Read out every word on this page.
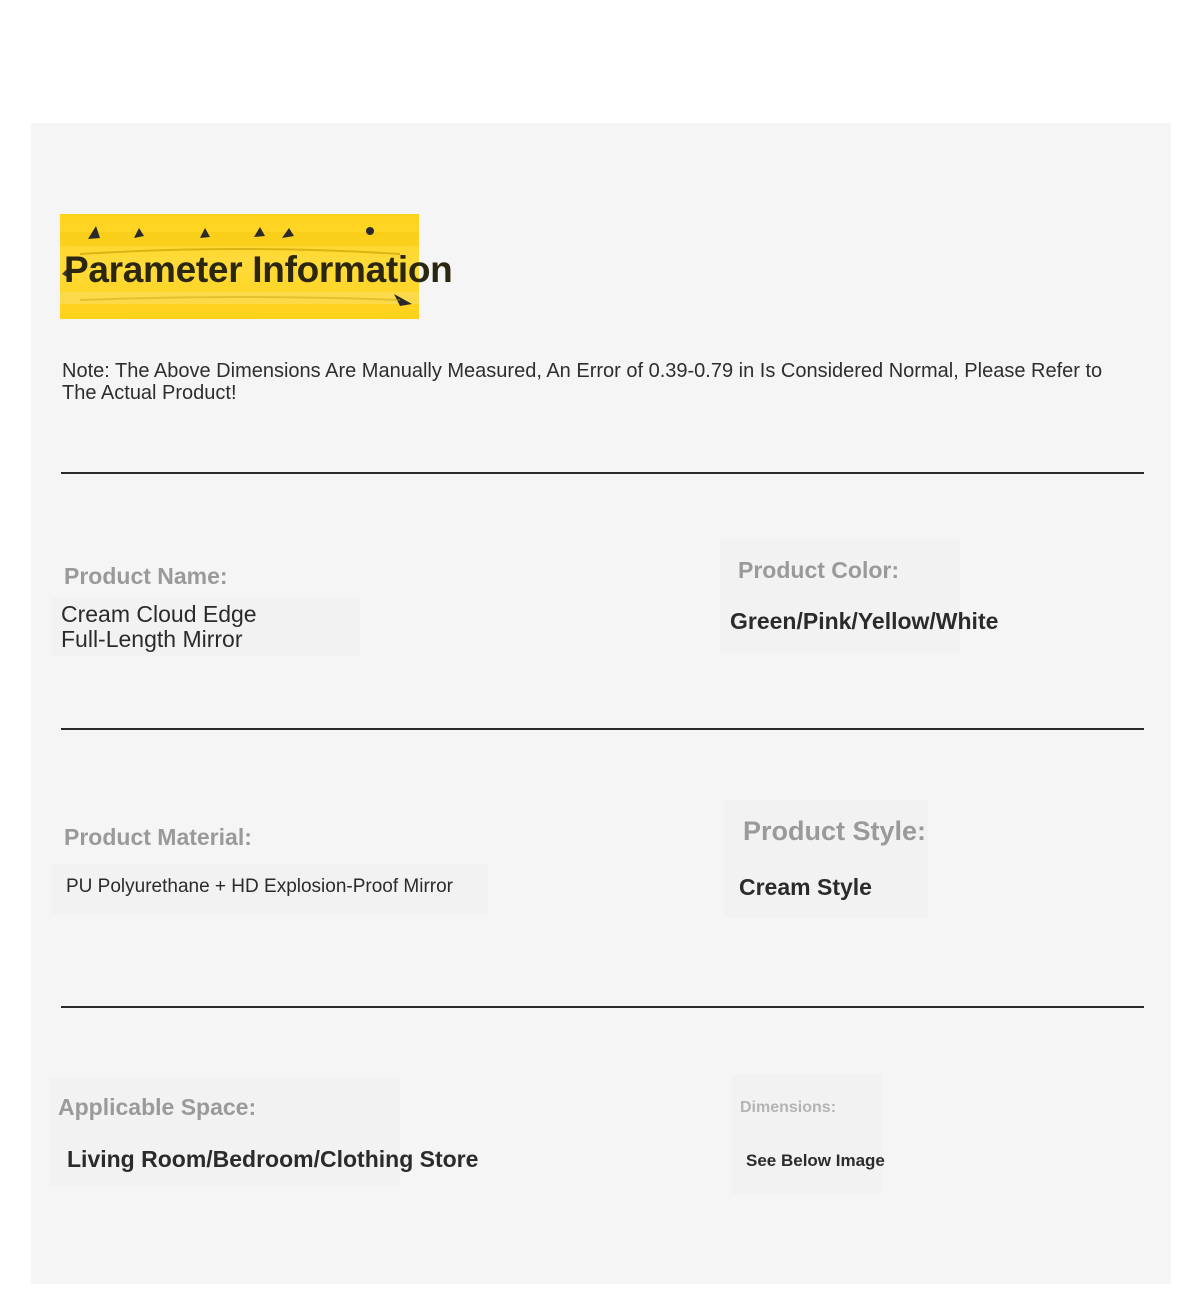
Parameter Information

Note: The Above Dimensions Are Manually Measured, An Error of 0.39-0.79 in Is Considered Normal, Please Refer to The Actual Product!

Product Name:

Cream Cloud Edge

Full-Length Mirror

Product Color:

Green/Pink/Yellow/White

Product Material:

PU Polyurethane + HD Explosion-Proof Mirror

Product Style:

Cream Style

Applicable Space:

Living Room/Bedroom/Clothing Store

Dimensions:

See Below Image
